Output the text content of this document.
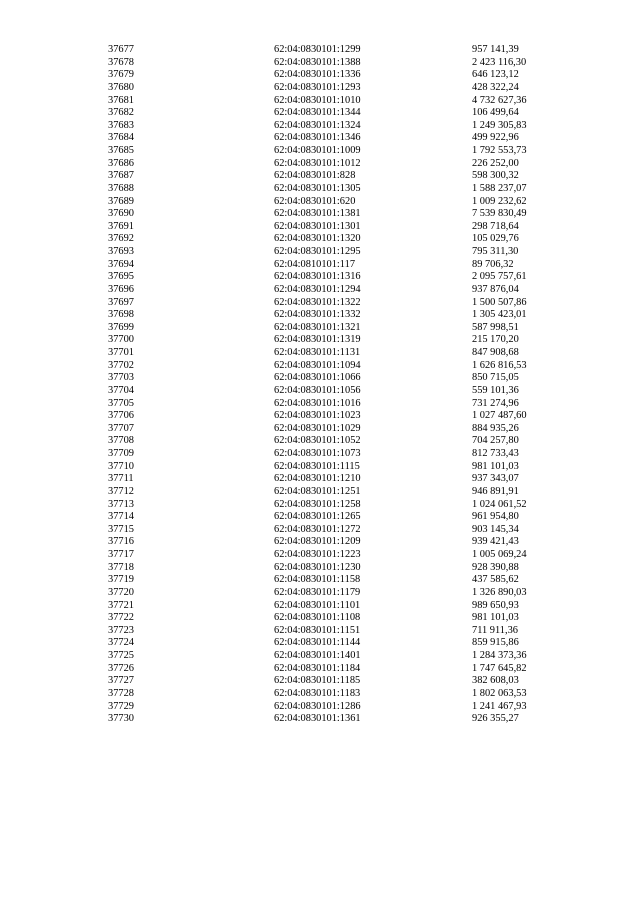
37677	62:04:0830101:1299	957 141,39
37678	62:04:0830101:1388	2 423 116,30
37679	62:04:0830101:1336	646 123,12
37680	62:04:0830101:1293	428 322,24
37681	62:04:0830101:1010	4 732 627,36
37682	62:04:0830101:1344	106 499,64
37683	62:04:0830101:1324	1 249 305,83
37684	62:04:0830101:1346	499 922,96
37685	62:04:0830101:1009	1 792 553,73
37686	62:04:0830101:1012	226 252,00
37687	62:04:0830101:828	598 300,32
37688	62:04:0830101:1305	1 588 237,07
37689	62:04:0830101:620	1 009 232,62
37690	62:04:0830101:1381	7 539 830,49
37691	62:04:0830101:1301	298 718,64
37692	62:04:0830101:1320	105 029,76
37693	62:04:0830101:1295	795 311,30
37694	62:04:0810101:117	89 706,32
37695	62:04:0830101:1316	2 095 757,61
37696	62:04:0830101:1294	937 876,04
37697	62:04:0830101:1322	1 500 507,86
37698	62:04:0830101:1332	1 305 423,01
37699	62:04:0830101:1321	587 998,51
37700	62:04:0830101:1319	215 170,20
37701	62:04:0830101:1131	847 908,68
37702	62:04:0830101:1094	1 626 816,53
37703	62:04:0830101:1066	850 715,05
37704	62:04:0830101:1056	559 101,36
37705	62:04:0830101:1016	731 274,96
37706	62:04:0830101:1023	1 027 487,60
37707	62:04:0830101:1029	884 935,26
37708	62:04:0830101:1052	704 257,80
37709	62:04:0830101:1073	812 733,43
37710	62:04:0830101:1115	981 101,03
37711	62:04:0830101:1210	937 343,07
37712	62:04:0830101:1251	946 891,91
37713	62:04:0830101:1258	1 024 061,52
37714	62:04:0830101:1265	961 954,80
37715	62:04:0830101:1272	903 145,34
37716	62:04:0830101:1209	939 421,43
37717	62:04:0830101:1223	1 005 069,24
37718	62:04:0830101:1230	928 390,88
37719	62:04:0830101:1158	437 585,62
37720	62:04:0830101:1179	1 326 890,03
37721	62:04:0830101:1101	989 650,93
37722	62:04:0830101:1108	981 101,03
37723	62:04:0830101:1151	711 911,36
37724	62:04:0830101:1144	859 915,86
37725	62:04:0830101:1401	1 284 373,36
37726	62:04:0830101:1184	1 747 645,82
37727	62:04:0830101:1185	382 608,03
37728	62:04:0830101:1183	1 802 063,53
37729	62:04:0830101:1286	1 241 467,93
37730	62:04:0830101:1361	926 355,27
